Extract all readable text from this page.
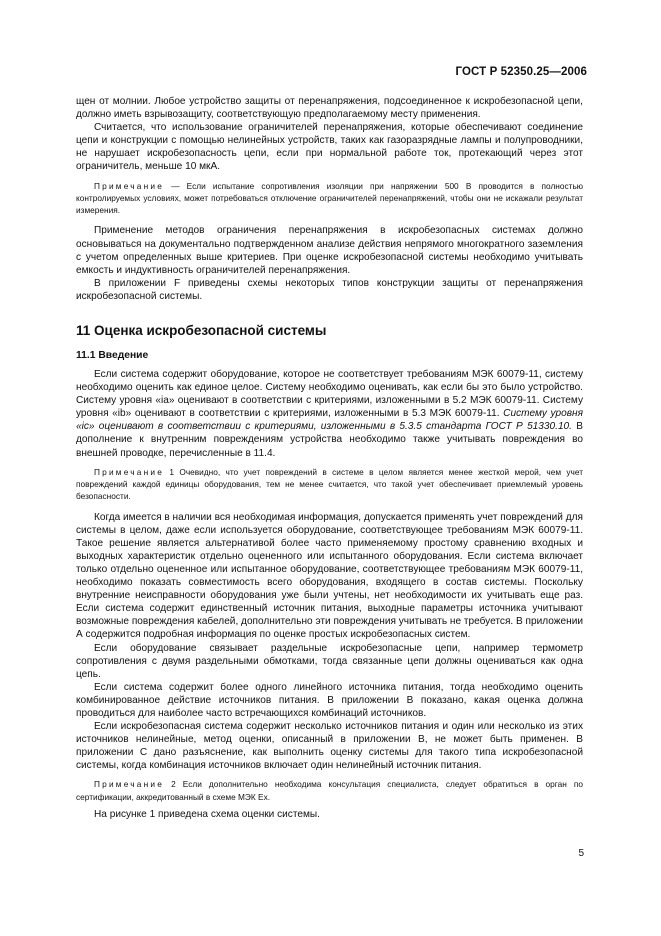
ГОСТ Р 52350.25—2006

щен от молнии. Любое устройство защиты от перенапряжения, подсоединенное к искробезопасной цепи, должно иметь взрывозащиту, соответствующую предполагаемому месту применения.

Считается, что использование ограничителей перенапряжения, которые обеспечивают соединение цепи и конструкции с помощью нелинейных устройств, таких как газоразрядные лампы и полупроводники, не нарушает искробезопасность цепи, если при нормальной работе ток, протекающий через этот ограничитель, меньше 10 мкА.

Примечание — Если испытание сопротивления изоляции при напряжении 500 В проводится в полностью контролируемых условиях, может потребоваться отключение ограничителей перенапряжений, чтобы они не искажали результат измерения.

Применение методов ограничения перенапряжения в искробезопасных системах должно основываться на документально подтвержденном анализе действия непрямого многократного заземления с учетом определенных выше критериев. При оценке искробезопасной системы необходимо учитывать емкость и индуктивность ограничителей перенапряжения.

В приложении F приведены схемы некоторых типов конструкции защиты от перенапряжения искробезопасной системы.

11 Оценка искробезопасной системы
11.1 Введение

Если система содержит оборудование, которое не соответствует требованиям МЭК 60079-11, систему необходимо оценить как единое целое. Систему необходимо оценивать, как если бы это было устройство. Систему уровня «ia» оценивают в соответствии с критериями, изложенными в 5.2 МЭК 60079-11. Систему уровня «ib» оценивают в соответствии с критериями, изложенными в 5.3 МЭК 60079-11. Систему уровня «ic» оценивают в соответствии с критериями, изложенными в 5.3.5 стандарта ГОСТ Р 51330.10. В дополнение к внутренним повреждениям устройства необходимо также учитывать повреждения во внешней проводке, перечисленные в 11.4.

Примечание 1 Очевидно, что учет повреждений в системе в целом является менее жесткой мерой, чем учет повреждений каждой единицы оборудования, тем не менее считается, что такой учет обеспечивает приемлемый уровень безопасности.

Когда имеется в наличии вся необходимая информация, допускается применять учет повреждений для системы в целом, даже если используется оборудование, соответствующее требованиям МЭК 60079-11. Такое решение является альтернативой более часто применяемому простому сравнению входных и выходных характеристик отдельно оцененного или испытанного оборудования. Если система включает только отдельно оцененное или испытанное оборудование, соответствующее требованиям МЭК 60079-11, необходимо показать совместимость всего оборудования, входящего в состав системы. Поскольку внутренние неисправности оборудования уже были учтены, нет необходимости их учитывать еще раз. Если система содержит единственный источник питания, выходные параметры источника учитывают возможные повреждения кабелей, дополнительно эти повреждения учитывать не требуется. В приложении А содержится подробная информация по оценке простых искробезопасных систем.

Если оборудование связывает раздельные искробезопасные цепи, например термометр сопротивления с двумя раздельными обмотками, тогда связанные цепи должны оцениваться как одна цепь.

Если система содержит более одного линейного источника питания, тогда необходимо оценить комбинированное действие источников питания. В приложении В показано, какая оценка должна проводиться для наиболее часто встречающихся комбинаций источников.

Если искробезопасная система содержит несколько источников питания и один или несколько из этих источников нелинейные, метод оценки, описанный в приложении В, не может быть применен. В приложении С дано разъяснение, как выполнить оценку системы для такого типа искробезопасной системы, когда комбинация источников включает один нелинейный источник питания.

Примечание 2 Если дополнительно необходима консультация специалиста, следует обратиться в орган по сертификации, аккредитованный в схеме МЭК Ex.

На рисунке 1 приведена схема оценки системы.

5
